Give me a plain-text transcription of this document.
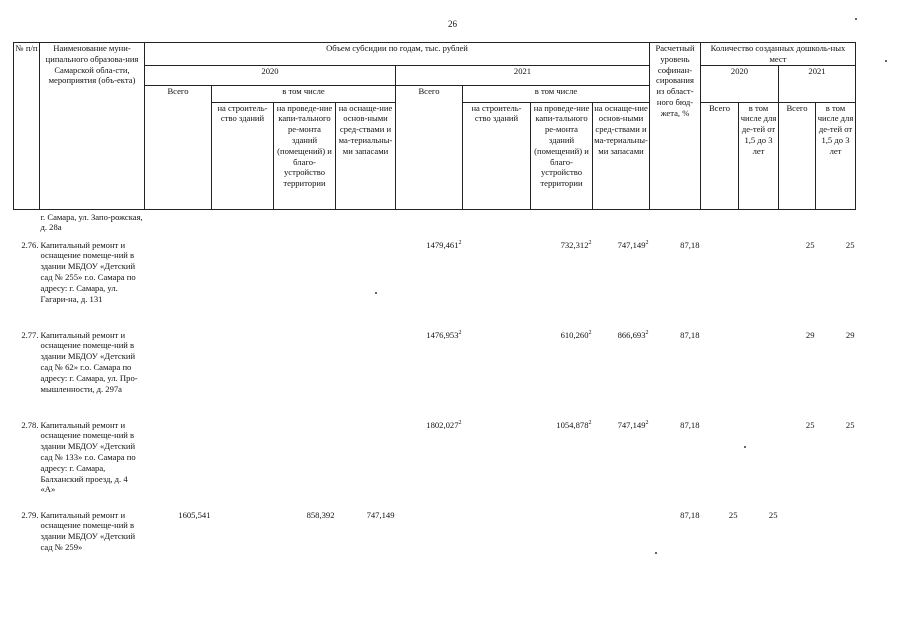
26
№ п/п	Наименование муни-ципального образова-ния Самарской обла-сти, мероприятия (объ-екта)	Объем субсидии по годам, тыс. рублей								Расчетный уровень софинан-сирования из област-ного бюд-жета, %	Количество созданных дошколь-ных мест			
		2020				2021					2020		2021	
		Всего	в том числе			Всего	в том числе							
			на строитель-ство зданий	на проведе-ние капи-тального ре-монта зданий (помещений) и благо-устройство территории	на оснаще-ние основ-ными сред-ствами и ма-териальны-ми запасами		на строитель-ство зданий	на проведе-ние капи-тального ре-монта зданий (помещений) и благо-устройство территории	на оснаще-ние основ-ными сред-ствами и ма-териальны-ми запасами		Всего	в том числе для де-тей от 1,5 до 3 лет	Всего	в том числе для де-тей от 1,5 до 3 лет
	г. Самара, ул. Запо-рожская, д. 28а													
2.76.	Капитальный ремонт и оснащение помеще-ний в здании МБДОУ «Детский сад № 255» г.о. Самара по адресу: г. Самара, ул. Гагари-на, д. 131					1479,461$^2$		732,312$^2$	747,149$^2$	87,18			25	25
2.77.	Капитальный ремонт и оснащение помеще-ний в здании МБДОУ «Детский сад № 62» г.о. Самара по адресу: г. Самара, ул. Про-мышленности, д. 297а					1476,953$^2$		610,260$^2$	866,693$^2$	87,18			29	29
2.78.	Капитальный ремонт и оснащение помеще-ний в здании МБДОУ «Детский сад № 133» г.о. Самара по адресу: г. Самара, Балханский проезд, д. 4 «А»					1802,027$^2$		1054,878$^2$	747,149$^2$	87,18			25	25
2.79.	Капитальный ремонт и оснащение помеще-ний в здании МБДОУ «Детский сад № 259»	1605,541		858,392	747,149					87,18	25	25		
